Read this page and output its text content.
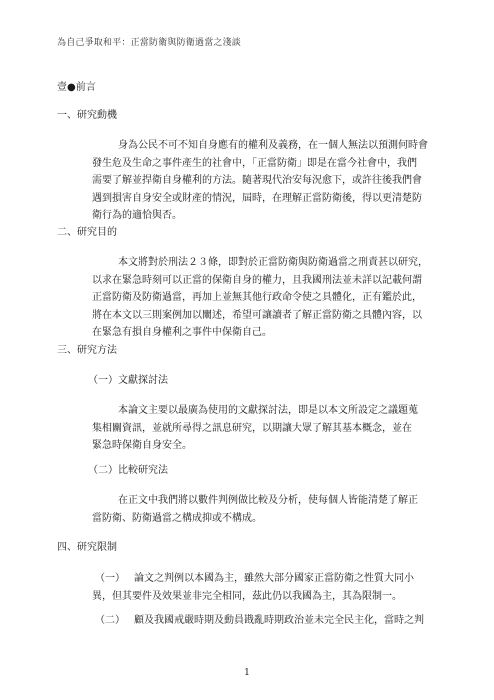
為自己爭取和平：正當防衛與防衛過當之淺談
壹●前言
一、研究動機
身為公民不可不知自身應有的權利及義務，在一個人無法以預測何時會
發生危及生命之事件產生的社會中，「正當防衛」即是在當今社會中，我們
需要了解並捍衛自身權利的方法。隨著現代治安每況愈下，或許往後我們會
遇到損害自身安全或財產的情況，屆時，在理解正當防衛後，得以更清楚防
衛行為的適恰與否。
二、研究目的
本文將對於刑法２３條，即對於正當防衛與防衛過當之刑責甚以研究，
以求在緊急時刻可以正當的保衛自身的權力，且我國刑法並未詳以記載何謂
正當防衛及防衛過當，再加上並無其他行政命令使之具體化，正有鑑於此，
將在本文以三則案例加以闡述，希望可讓讀者了解正當防衛之具體內容，以
在緊急有損自身權利之事件中保衛自己。
三、研究方法
（一）文獻探討法
本論文主要以最廣為使用的文獻探討法，即是以本文所設定之議題蒐
集相關資訊，並就所尋得之訊息研究，以期讓大眾了解其基本概念，並在
緊急時保衛自身安全。
（二）比較研究法
在正文中我們將以數件判例做比較及分析，使每個人皆能清楚了解正
當防衛、防衛過當之構成抑或不構成。
四、研究限制
（一） 論文之判例以本國為主，雖然大部分國家正當防衛之性質大同小
異，但其要件及效果並非完全相同，茲此仍以我國為主，其為限制一。
（二） 顧及我國戒嚴時期及動員戡亂時期政治並未完全民主化，當時之判
1
